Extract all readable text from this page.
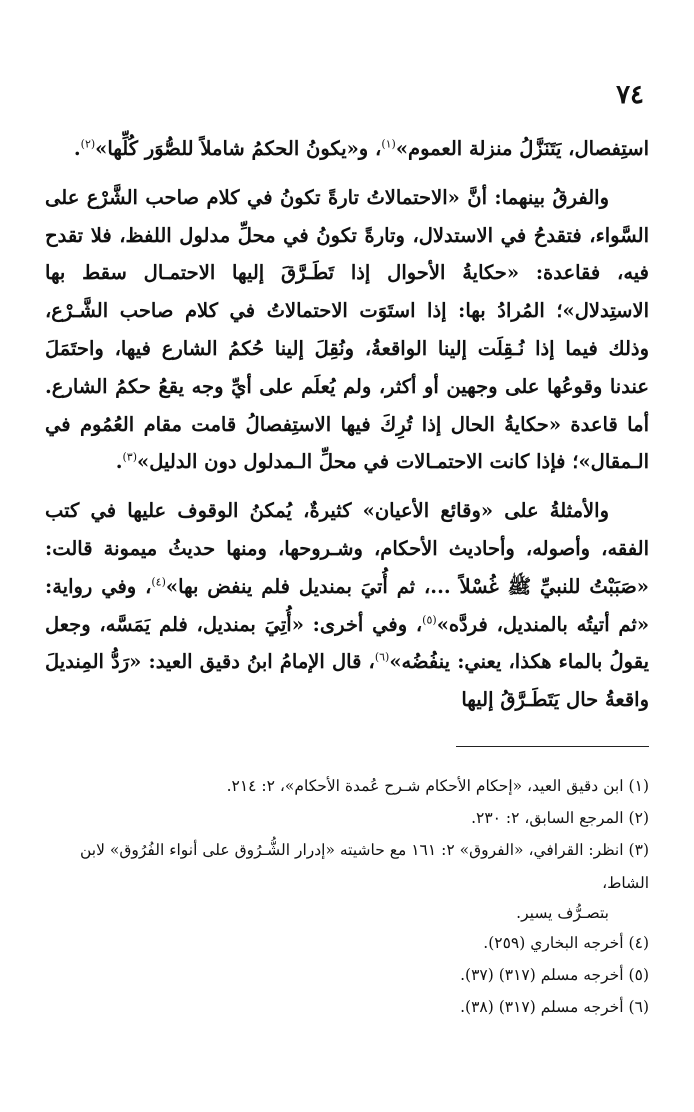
٧٤

استِفصال، يَتَنَزَّلُ منزلة العموم»$^{(١)}$، و«يكونُ الحكمُ شاملاً للصُّوَر كُلِّها»$^{(٢)}$.

والفرقُ بينهما: أنَّ «الاحتمالاتُ تارةً تكونُ في كلام صاحب الشَّرْع على السَّواء، فتقدحُ في الاستدلال، وتارةً تكونُ في محلِّ مدلول اللفظ، فلا تقدح فيه، فقاعدة: «حكايةُ الأحوال إذا تَطَـرَّقَ إليها الاحتمـال سقط بها الاستِدلال»؛ المُرادُ بها: إذا استَوَت الاحتمالاتُ في كلام صاحب الشَّـرْع، وذلك فيما إذا نُـقِلَت إلينا الواقعةُ، ونُقِلَ إلينا حُكمُ الشارع فيها، واحتَمَلَ عندنا وقوعُها على وجهين أو أكثر، ولم يُعلَم على أيِّ وجه يقعُ حكمُ الشارع. أما قاعدة «حكايةُ الحال إذا تُرِكَ فيها الاستِفصالُ قامت مقام العُمُوم في الـمقال»؛ فإذا كانت الاحتمـالات في محلِّ الـمدلول دون الدليل»$^{(٣)}$.

والأمثلةُ على «وقائع الأعيان» كثيرةٌ، يُمكنُ الوقوف عليها في كتب الفقه، وأصوله، وأحاديث الأحكام، وشـروحها، ومنها حديثُ ميمونة قالت: «صَبَبْتُ للنبيِّ ﷺ غُسْلاً ...، ثم أُتيَ بمنديل فلم ينفض بها»$^{(٤)}$، وفي رواية: «ثم أتيتُه بالمنديل، فردَّه»$^{(٥)}$، وفي أخرى: «أُتِيَ بمنديل، فلم يَمَسَّه، وجعل يقولُ بالماء هكذا، يعني: ينفُضُه»$^{(٦)}$، قال الإمامُ ابنُ دقيق العيد: «رَدُّ المِنديلَ واقعةُ حال يَتَطَـرَّقُ إليها

(١)ابن دقيق العيد، «إحكام الأحكام شـرح عُمدة الأحكام»، ٢: ٢١٤.
(٢)المرجع السابق، ٢: ٢٣٠.
(٣)انظر: القرافي، «الفروق» ٢: ١٦١ مع حاشيته «إدرار الشُّـرُوق على أنواء الفُرُوق» لابن الشاط،
بتصـرُّف يسير.
(٤)أخرجه البخاري (٢٥٩).
(٥)أخرجه مسلم (٣١٧) (٣٧).
(٦)أخرجه مسلم (٣١٧) (٣٨).
